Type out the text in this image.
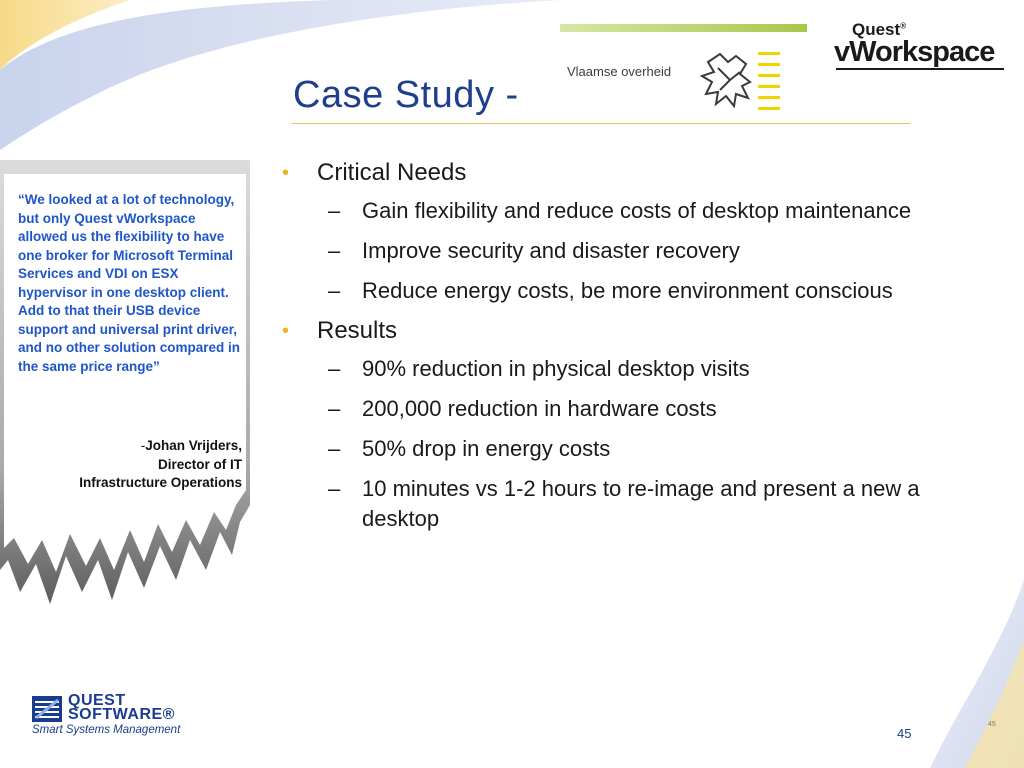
Case Study -
Vlaamse overheid
Quest®
vWorkspace
“We looked at a lot of technology, but only Quest vWorkspace allowed us the flexibility to have one broker for Microsoft Terminal Services and VDI on ESX hypervisor in one desktop client. Add to that their USB device support and universal print driver, and no other solution compared in the same price range”
-Johan Vrijders,
Director of IT
Infrastructure Operations
• Critical Needs
– Gain flexibility and reduce costs of desktop maintenance
– Improve security and disaster recovery
– Reduce energy costs, be more environment conscious
• Results
– 90% reduction in physical desktop visits
– 200,000 reduction in hardware costs
– 50% drop in energy costs
– 10 minutes vs 1-2 hours to re-image and present a new a desktop
QUEST
SOFTWARE®
Smart Systems Management	45
45
